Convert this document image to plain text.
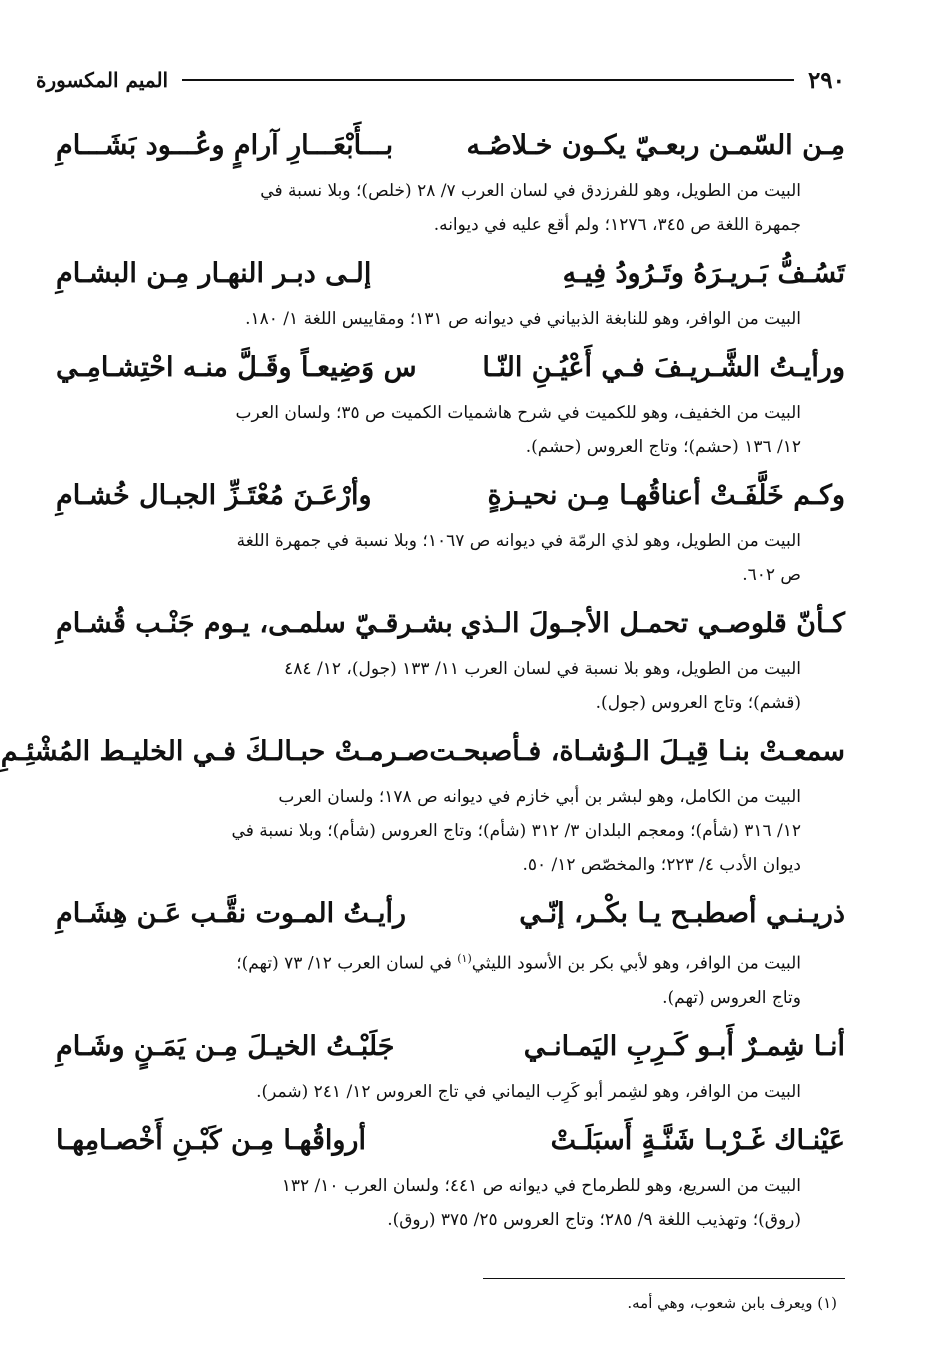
٢٩٠
الميم المكسورة
مِـن السّمـن ربعـيّ يكـون خـلاصُـه
بـــأَبْعَـــارِ آرامٍ وعُـــود بَشَـــامِ
البيت من الطويل، وهو للفرزدق في لسان العرب ٧/ ٢٨ (خلص)؛ وبلا نسبة في
جمهرة اللغة ص ٣٤٥، ١٢٧٦؛ ولم أقع عليه في ديوانه.
تَسُـفُّ بَـريـرَهُ وتَـرُودُ فِيـهِ
إلـى دبـر النهـار مِـن البشـامِ
البيت من الوافر، وهو للنابغة الذبياني في ديوانه ص ١٣١؛ ومقاييس اللغة ١/ ١٨٠.
ورأيـتُ الشَّـريـفَ فـي أَعْيُـنِ النّـا
س وَضِيعـاً وقَـلَّ منـه احْتِشـامِـي
البيت من الخفيف، وهو للكميت في شرح هاشميات الكميت ص ٣٥؛ ولسان العرب
١٢/ ١٣٦ (حشم)؛ وتاج العروس (حشم).
وكـم خَلَّفَـتْ أعناقُهـا مِـن نحيـزةٍ
وأرْعَـنَ مُعْتَـزِّ الجبـال خُشـامِ
البيت من الطويل، وهو لذي الرمّة في ديوانه ص ١٠٦٧؛ وبلا نسبة في جمهرة اللغة
ص ٦٠٢.
كـأنّ قلوصـي تحمـل الأجـولَ الـذي
بشـرقـيّ سلمـى، يـوم جَنْـب قُشـامِ
البيت من الطويل، وهو بلا نسبة في لسان العرب ١١/ ١٣٣ (جول)، ١٢/ ٤٨٤
(قشم)؛ وتاج العروس (جول).
سمعـتْ بنـا قِيـلَ الـوُشـاة، فـأصبحـت
صـرمـتْ حبـالـكَ فـي الخليـط المُشْئِـمِ
البيت من الكامل، وهو لبشر بن أبي خازم في ديوانه ص ١٧٨؛ ولسان العرب
١٢/ ٣١٦ (شأم)؛ ومعجم البلدان ٣/ ٣١٢ (شأم)؛ وتاج العروس (شأم)؛ وبلا نسبة في
ديوان الأدب ٤/ ٢٢٣؛ والمخصّص ١٢/ ٥٠.
ذريـنـي أصطبـح يـا بكْـر، إنّـي
رأيـتُ المـوت نقَّـب عَـن هِشَـامِ
البيت من الوافر، وهو لأبي بكر بن الأسود الليثي$^{(١)}$ في لسان العرب ١٢/ ٧٣ (تهم)؛
وتاج العروس (تهم).
أنـا شِمـرٌ أَبـو كَـرِبِ اليَمـانـي
جَلَبْـتُ الخيـلَ مِـن يَمَـنٍ وشَـامِ
البيت من الوافر، وهو لشِمر أبو كَرِب اليماني في تاج العروس ١٢/ ٢٤١ (شمر).
عَيْنـاك غَـرْبـا شَنَّـةٍ أَسبَلَـتْ
أرواقُهـا مِـن كَبْـنِ أَخْصـامِهـا
البيت من السريع، وهو للطرماح في ديوانه ص ٤٤١؛ ولسان العرب ١٠/ ١٣٢
(روق)؛ وتهذيب اللغة ٩/ ٢٨٥؛ وتاج العروس ٢٥/ ٣٧٥ (روق).
(١) ويعرف بابن شعوب، وهي أمه.
